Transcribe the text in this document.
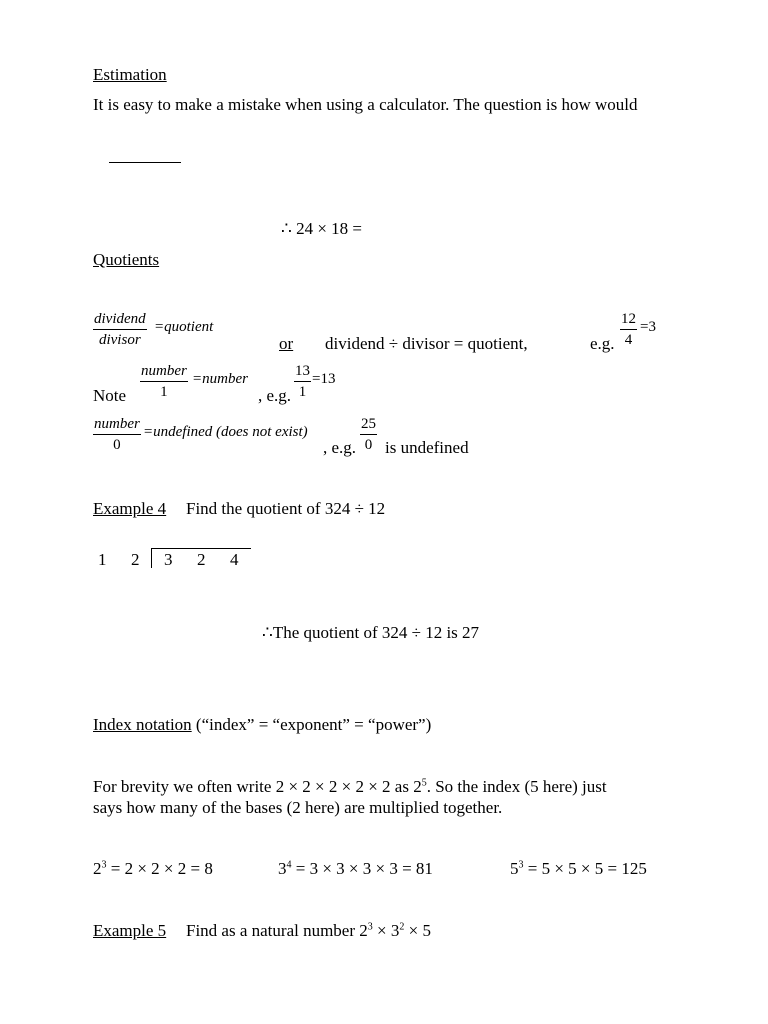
Estimation
It is easy to make a mistake when using a calculator. The question is how would
∴ 24 × 18 =
Quotients
dividend
divisor
=quotient
or dividend ÷ divisor = quotient,	e.g. $\frac{12}{4} =3$
Note
number
1
=number
, e.g. $\frac{13}{1} =13$
number
0
=undefined (does not exist)
, e.g. $\frac{25}{0}$ is undefined
Example 4 Find the quotient of 324 ÷ 12
1 2 3 2 4
∴The quotient of 324 ÷ 12 is 27
Index notation (“index” = “exponent” = “power”)
For brevity we often write 2 × 2 × 2 × 2 × 2 as $2^5$. So the index (5 here) just
says how many of the bases (2 here) are multiplied together.
$2^3 = 2 \times 2 \times 2 = 8$	$3^4 = 3 \times 3 \times 3 \times 3 = 81$	$5^3 = 5 \times 5 \times 5 = 125$
Example 5 Find as a natural number $2^3 \times 3^2 \times 5$
